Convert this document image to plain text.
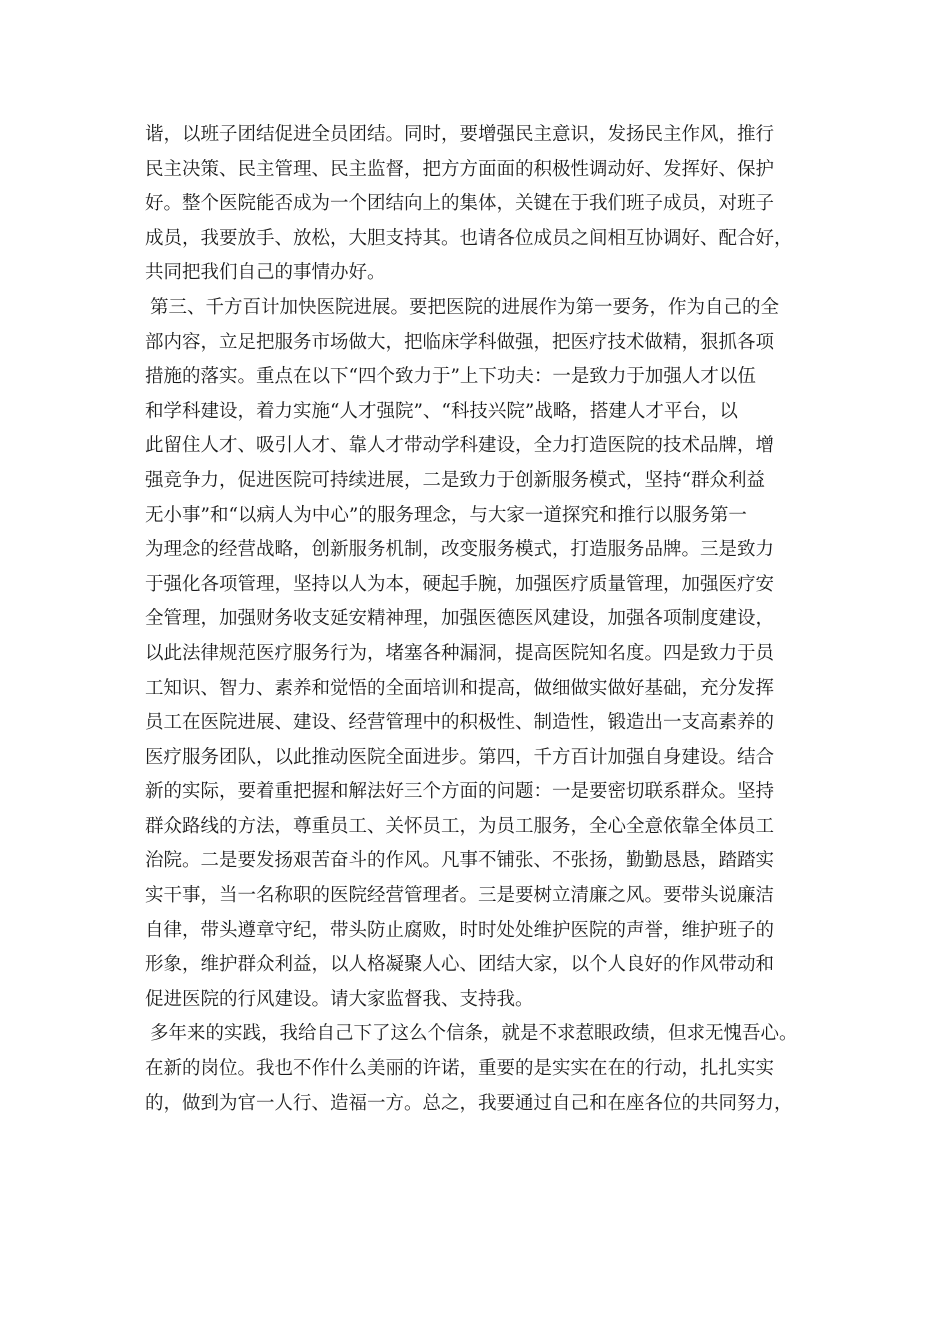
谐，以班子团结促进全员团结。同时，要增强民主意识，发扬民主作风，推行
民主决策、民主管理、民主监督，把方方面面的积极性调动好、发挥好、保护
好。整个医院能否成为一个团结向上的集体，关键在于我们班子成员，对班子
成员，我要放手、放松，大胆支持其。也请各位成员之间相互协调好、配合好，
共同把我们自己的事情办好。
第三、千方百计加快医院进展。要把医院的进展作为第一要务，作为自己的全
部内容，立足把服务市场做大，把临床学科做强，把医疗技术做精，狠抓各项
措施的落实。重点在以下“四个致力于”上下功夫：一是致力于加强人才以伍
和学科建设，着力实施“人才强院”、“科技兴院”战略，搭建人才平台，以
此留住人才、吸引人才、靠人才带动学科建设，全力打造医院的技术品牌，增
强竞争力，促进医院可持续进展，二是致力于创新服务模式，坚持“群众利益
无小事”和“以病人为中心”的服务理念，与大家一道探究和推行以服务第一
为理念的经营战略，创新服务机制，改变服务模式，打造服务品牌。三是致力
于强化各项管理，坚持以人为本，硬起手腕，加强医疗质量管理，加强医疗安
全管理，加强财务收支延安精神理，加强医德医风建设，加强各项制度建设，
以此法律规范医疗服务行为，堵塞各种漏洞，提高医院知名度。四是致力于员
工知识、智力、素养和觉悟的全面培训和提高，做细做实做好基础，充分发挥
员工在医院进展、建设、经营管理中的积极性、制造性，锻造出一支高素养的
医疗服务团队，以此推动医院全面进步。第四，千方百计加强自身建设。结合
新的实际，要着重把握和解法好三个方面的问题：一是要密切联系群众。坚持
群众路线的方法，尊重员工、关怀员工，为员工服务，全心全意依靠全体员工
治院。二是要发扬艰苦奋斗的作风。凡事不铺张、不张扬，勤勤恳恳，踏踏实
实干事，当一名称职的医院经营管理者。三是要树立清廉之风。要带头说廉洁
自律，带头遵章守纪，带头防止腐败，时时处处维护医院的声誉，维护班子的
形象，维护群众利益，以人格凝聚人心、团结大家，以个人良好的作风带动和
促进医院的行风建设。请大家监督我、支持我。
多年来的实践，我给自己下了这么个信条，就是不求惹眼政绩，但求无愧吾心。
在新的岗位。我也不作什么美丽的许诺，重要的是实实在在的行动，扎扎实实
的，做到为官一人行、造福一方。总之，我要通过自己和在座各位的共同努力，
